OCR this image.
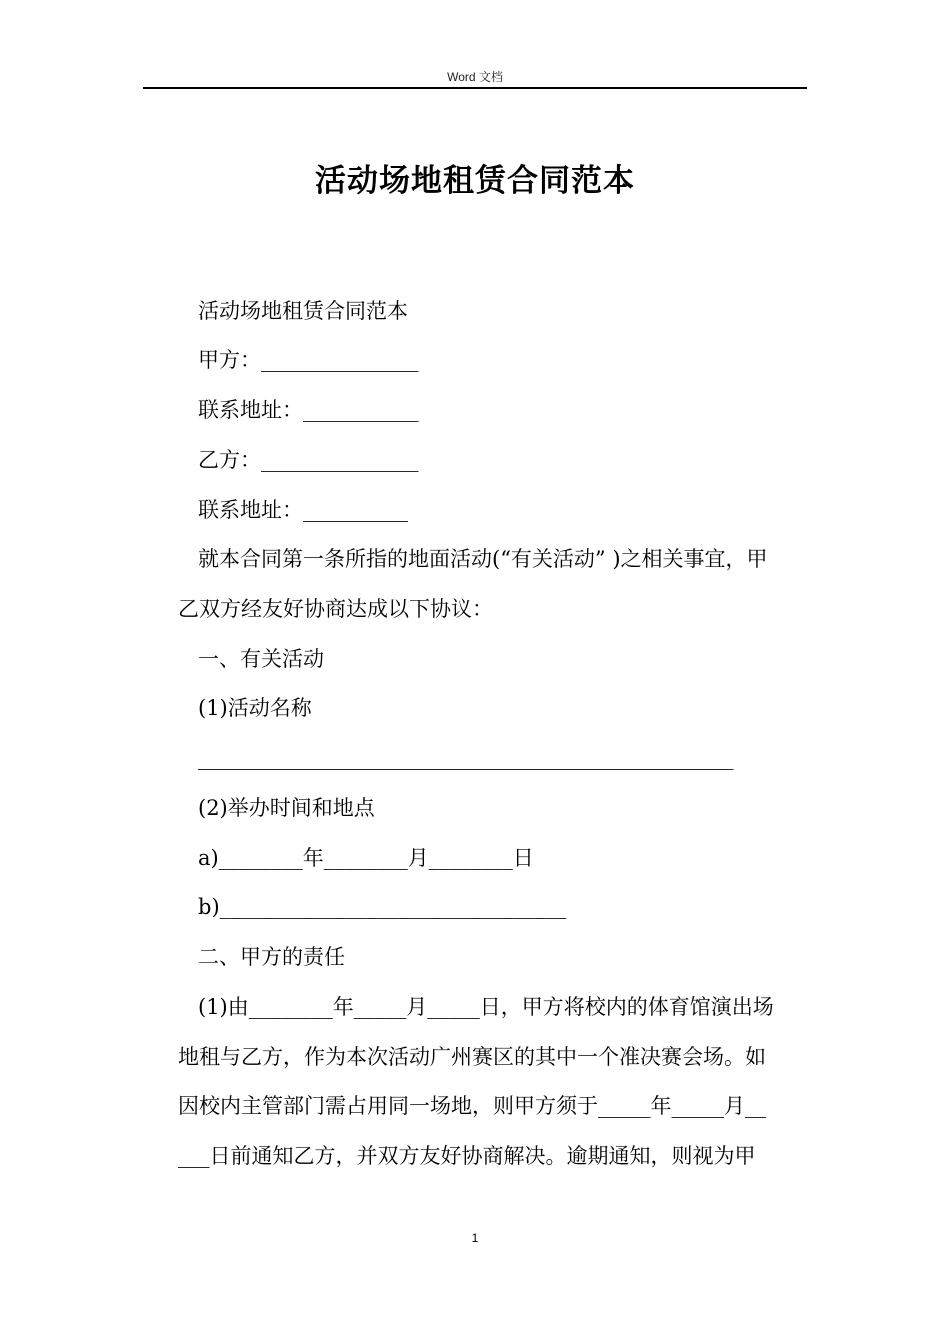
Word 文档
活动场地租赁合同范本
活动场地租赁合同范本
甲方：_______________
联系地址：___________
乙方：_______________
联系地址：__________
就本合同第一条所指的地面活动(“有关活动” )之相关事宜，甲
乙双方经友好协商达成以下协议：
一、有关活动
(1)活动名称
___________________________________________________
(2)举办时间和地点
a)________年________月________日
b)_________________________________
二、甲方的责任
(1)由________年_____月_____日，甲方将校内的体育馆演出场
地租与乙方，作为本次活动广州赛区的其中一个准决赛会场。如
因校内主管部门需占用同一场地，则甲方须于_____年_____月__
___日前通知乙方，并双方友好协商解决。逾期通知，则视为甲
1
